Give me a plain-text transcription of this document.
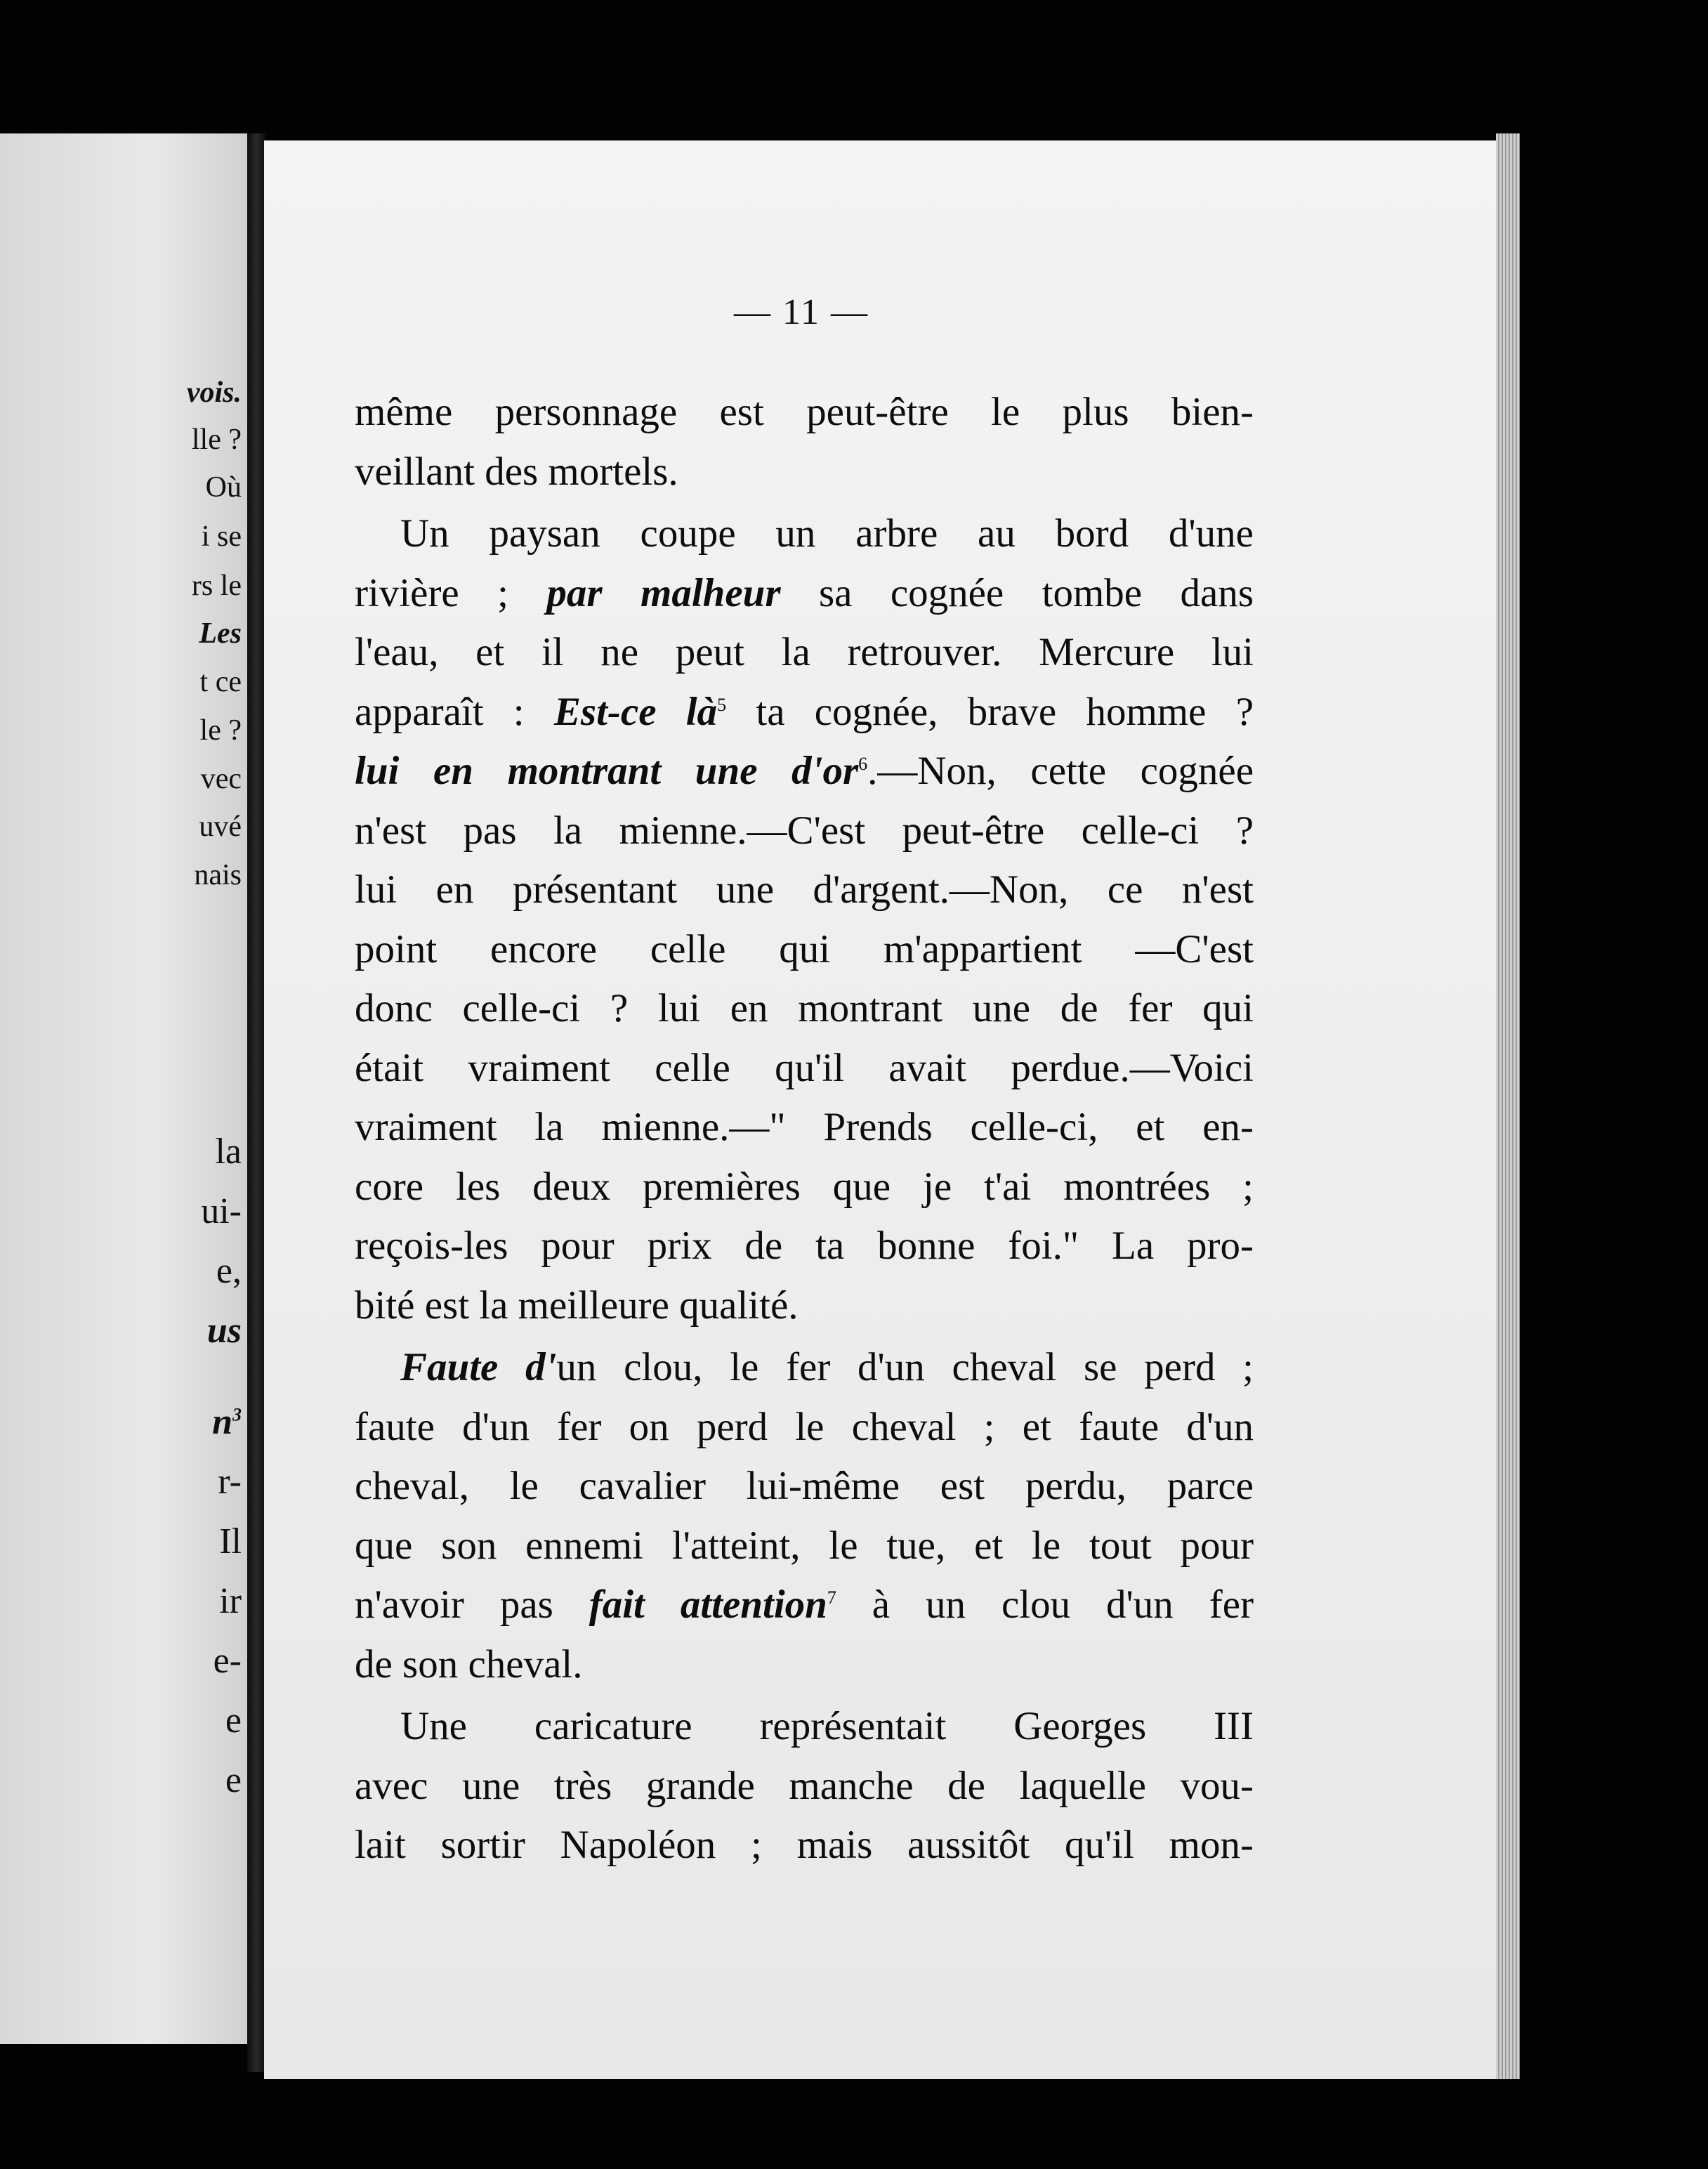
vois.
lle ?
Où
i se
rs le
Les
t ce
le ?
vec
uvé
nais
la
ui-
e,
us
$n^3$
r-
Il
ir
e-
e
e
— 11 —
même personnage est peut-être le plus bien-
veillant des mortels.
Un paysan coupe un arbre au bord d'une
rivière ; par malheur sa cognée tombe dans
l'eau, et il ne peut la retrouver. Mercure lui
apparaît : Est-ce $là^5$ ta cognée, brave homme ?
lui en montrant une $d'or^6.—Non$, cette cognée
n'est pas la mienne.—C'est peut-être celle-ci ?
lui en présentant une d'argent.—Non, ce n'est
point encore celle qui m'appartient —C'est
donc celle-ci ? lui en montrant une de fer qui
était vraiment celle qu'il avait perdue.—Voici
vraiment la mienne.—" Prends celle-ci, et en-
core les deux premières que je t'ai montrées ;
reçois-les pour prix de ta bonne foi." La pro-
bité est la meilleure qualité.
Faute d'un clou, le fer d'un cheval se perd ;
faute d'un fer on perd le cheval ; et faute d'un
cheval, le cavalier lui-même est perdu, parce
que son ennemi l'atteint, le tue, et le tout pour
n'avoir pas fait attention$^7$ à un clou d'un fer
de son cheval.
Une caricature représentait Georges III
avec une très grande manche de laquelle vou-
lait sortir Napoléon ; mais aussitôt qu'il mon-
